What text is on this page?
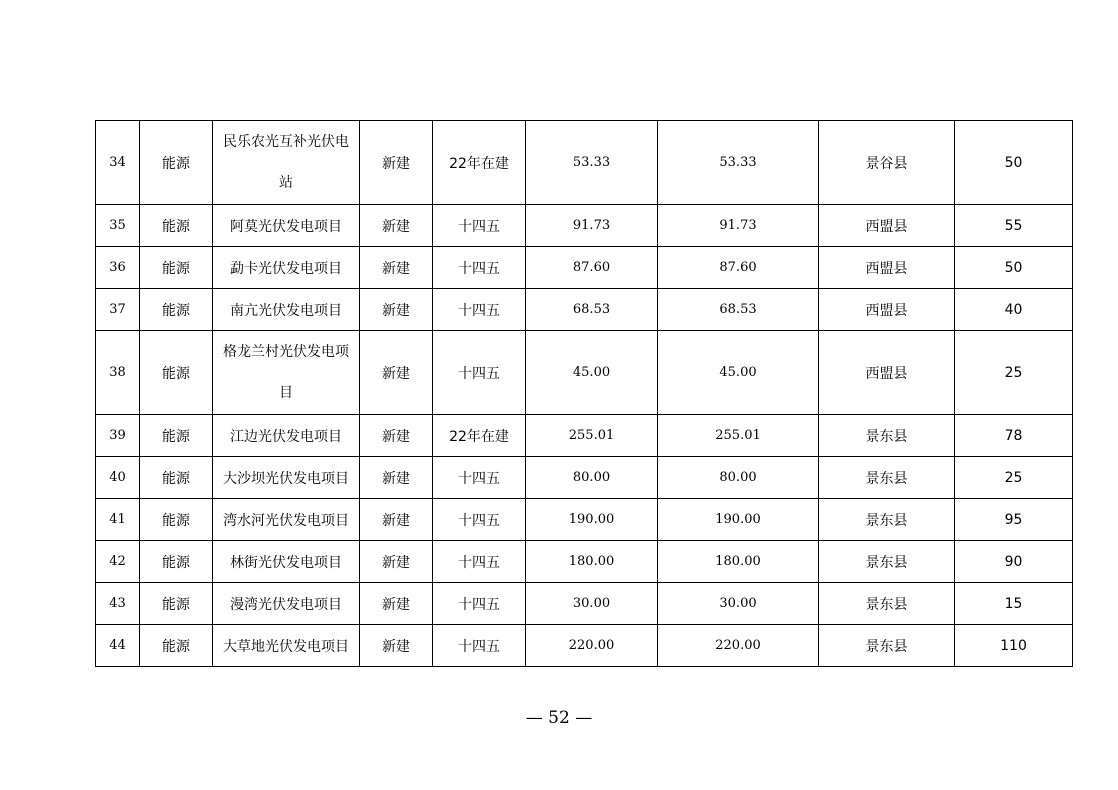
34	能源	民乐农光互补光伏电站	新建	22年在建	53.33	53.33	景谷县	50
35	能源	阿莫光伏发电项目	新建	十四五	91.73	91.73	西盟县	55
36	能源	勐卡光伏发电项目	新建	十四五	87.60	87.60	西盟县	50
37	能源	南亢光伏发电项目	新建	十四五	68.53	68.53	西盟县	40
38	能源	格龙兰村光伏发电项目	新建	十四五	45.00	45.00	西盟县	25
39	能源	江边光伏发电项目	新建	22年在建	255.01	255.01	景东县	78
40	能源	大沙坝光伏发电项目	新建	十四五	80.00	80.00	景东县	25
41	能源	湾水河光伏发电项目	新建	十四五	190.00	190.00	景东县	95
42	能源	林街光伏发电项目	新建	十四五	180.00	180.00	景东县	90
43	能源	漫湾光伏发电项目	新建	十四五	30.00	30.00	景东县	15
44	能源	大草地光伏发电项目	新建	十四五	220.00	220.00	景东县	110
— 52 —
